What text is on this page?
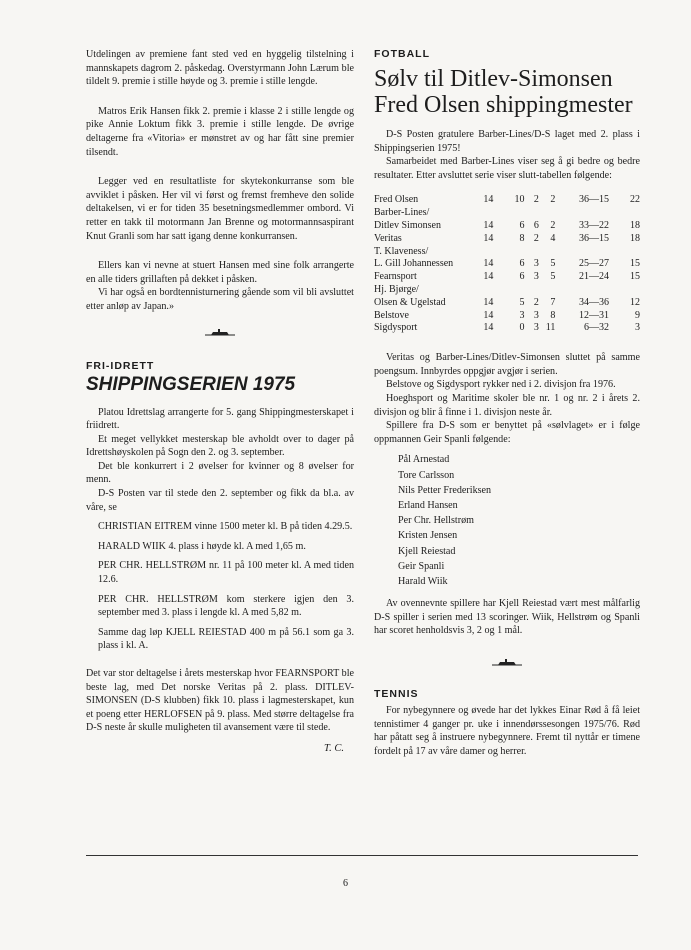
Utdelingen av premiene fant sted ved en hyggelig tilstelning i mannskapets dagrom 2. påskedag. Overstyrmann John Lærum ble tildelt 9. premie i stille høyde og 3. premie i stille lengde.

Matros Erik Hansen fikk 2. premie i klasse 2 i stille lengde og pike Annie Loktum fikk 3. premie i stille lengde. De øvrige deltagerne fra «Vitoria» er mønstret av og har fått sine premier tilsendt.

Legger ved en resultatliste for skytekonkurranse som ble avviklet i påsken. Her vil vi først og fremst fremheve den solide deltakelsen, vi er for tiden 35 besetningsmedlemmer ombord. Vi retter en takk til motormann Jan Brenne og motormannsaspirant Knut Granli som har satt igang denne konkurransen.

Ellers kan vi nevne at stuert Hansen med sine folk arrangerte en alle tiders grillaften på dekket i påsken.

Vi har også en bordtennisturnering gående som vil bli avsluttet etter anløp av Japan.»

FRI-IDRETT
SHIPPINGSERIEN 1975

Platou Idrettslag arrangerte for 5. gang Shippingmesterskapet i friidrett.

Et meget vellykket mesterskap ble avholdt over to dager på Idrettshøyskolen på Sogn den 2. og 3. september.

Det ble konkurrert i 2 øvelser for kvinner og 8 øvelser for menn.

D-S Posten var til stede den 2. september og fikk da bl.a. av våre, se

CHRISTIAN EITREM vinne 1500 meter kl. B på tiden 4.29.5.

HARALD WIIK 4. plass i høyde kl. A med 1,65 m.

PER CHR. HELLSTRØM nr. 11 på 100 meter kl. A med tiden 12.6.

PER CHR. HELLSTRØM kom sterkere igjen den 3. september med 3. plass i lengde kl. A med 5,82 m.

Samme dag løp KJELL REIESTAD 400 m på 56.1 som ga 3. plass i kl. A.

Det var stor deltagelse i årets mesterskap hvor FEARNSPORT ble beste lag, med Det norske Veritas på 2. plass. DITLEV-SIMONSEN (D-S klubben) fikk 10. plass i lagmesterskapet, kun et poeng etter HERLOFSEN på 9. plass. Med større deltagelse fra D-S neste år skulle muligheten til avansement være til stede.

T. C.
FOTBALL
Sølv til Ditlev-Simonsen
Fred Olsen shippingmester

D-S Posten gratulere Barber-Lines/D-S laget med 2. plass i Shippingserien 1975!

Samarbeidet med Barber-Lines viser seg å gi bedre og bedre resultater. Etter avsluttet serie viser slutt-tabellen følgende:

Fred Olsen	14	10	2	2	36—15	22
Barber-Lines/						
Ditlev Simonsen	14	6	6	2	33—22	18
Veritas	14	8	2	4	36—15	18
T. Klaveness/						
L. Gill Johannessen	14	6	3	5	25—27	15
Fearnsport	14	6	3	5	21—24	15
Hj. Bjørge/						
Olsen & Ugelstad	14	5	2	7	34—36	12
Belstove	14	3	3	8	12—31	9
Sigdysport	14	0	3	11	6—32	3

Veritas og Barber-Lines/Ditlev-Simonsen sluttet på samme poengsum. Innbyrdes oppgjør avgjør i serien.

Belstove og Sigdysport rykker ned i 2. divisjon fra 1976.

Hoeghsport og Maritime skoler ble nr. 1 og nr. 2 i årets 2. divisjon og blir å finne i 1. divisjon neste år.

Spillere fra D-S som er benyttet på «sølvlaget» er i følge oppmannen Geir Spanli følgende:

Pål Arnestad
Tore Carlsson
Nils Petter Frederiksen
Erland Hansen
Per Chr. Hellstrøm
Kristen Jensen
Kjell Reiestad
Geir Spanli
Harald Wiik

Av ovennevnte spillere har Kjell Reiestad vært mest målfarlig D-S spiller i serien med 13 scoringer. Wiik, Hellstrøm og Spanli har scoret henholdsvis 3, 2 og 1 mål.

TENNIS

For nybegynnere og øvede har det lykkes Einar Rød å få leiet tennistimer 4 ganger pr. uke i innendørssesongen 1975/76. Rød har påtatt seg å instruere nybegynnere. Fremt til nyttår er timene fordelt på 17 av våre damer og herrer.

6
